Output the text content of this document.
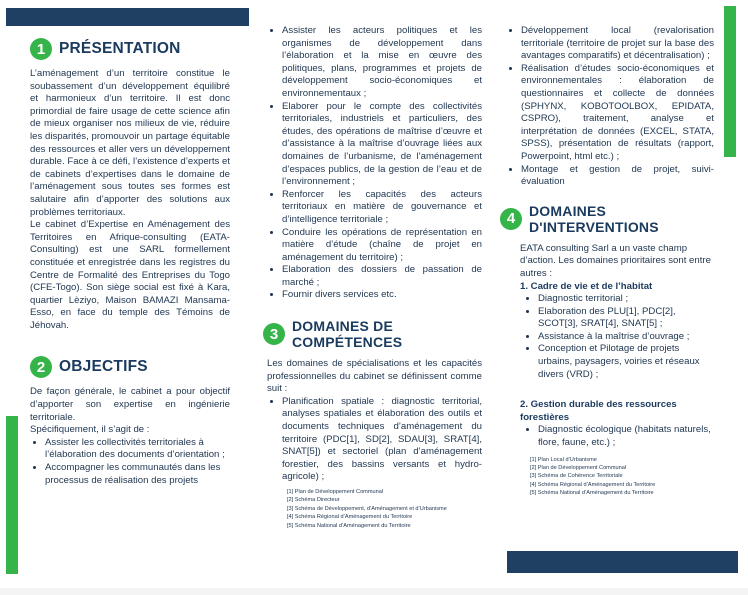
1 PRÉSENTATION

L’aménagement d’un territoire constitue le soubassement d’un développement équilibré et harmonieux d’un territoire. Il est donc primordial de faire usage de cette science afin de mieux organiser nos milieux de vie, réduire les disparités, promouvoir un partage équitable des ressources et aller vers un développement durable. Face à ce défi, l’existence d’experts et de cabinets d’expertises dans le domaine de l’aménagement sous toutes ses formes est salutaire afin d’apporter des solutions aux problèmes territoriaux.

Le cabinet d’Expertise en Aménagement des Territoires en Afrique-consulting (EATA-Consulting) est une SARL formellement constituée et enregistrée dans les registres du Centre de Formalité des Entreprises du Togo (CFE-Togo). Son siège social est fixé à Kara, quartier Lèziyo, Maison BAMAZI Mansama-Esso, en face du temple des Témoins de Jéhovah.

2 OBJECTIFS

De façon générale, le cabinet a pour objectif d’apporter son expertise en ingénierie territoriale.

Spécifiquement, il s’agit de :

• Assister les collectivités territoriales à l’élaboration des documents d’orientation ;
• Accompagner les communautés dans les processus de réalisation des projets
• Assister les acteurs politiques et les organismes de développement dans l’élaboration et la mise en œuvre des politiques, plans, programmes et projets de développement socio-économiques et environnementaux ;
• Elaborer pour le compte des collectivités territoriales, industriels et particuliers, des études, des opérations de maîtrise d’œuvre et d’assistance à la maîtrise d’ouvrage liées aux domaines de l’urbanisme, de l’aménagement d’espaces publics, de la gestion de l’eau et de l’environnement ;
• Renforcer les capacités des acteurs territoriaux en matière de gouvernance et d’intelligence territoriale ;
• Conduire les opérations de représentation en matière d’étude (chaîne de projet en aménagement du territoire) ;
• Elaboration des dossiers de passation de marché ;
• Fournir divers services etc.
3 DOMAINES DE COMPÉTENCES

Les domaines de spécialisations et les capacités professionnelles du cabinet se définissent comme suit :

• Planification spatiale : diagnostic territorial, analyses spatiales et élaboration des outils et documents techniques d’aménagement du territoire (PDC[1], SD[2], SDAU[3], SRAT[4], SNAT[5]) et sectoriel (plan d’aménagement forestier, des bassins versants et hydro-agricole) ;
[1] Plan de Développement Communal
[2] Schéma Directeur
[3] Schéma de Développement, d’Aménagement et d’Urbanisme
[4] Schéma Régional d’Aménagement du Territoire
[5] Schéma National d’Aménagement du Territoire
• Développement local (revalorisation territoriale (territoire de projet sur la base des avantages comparatifs) et décentralisation) ;
• Réalisation d’études socio-économiques et environnementales : élaboration de questionnaires et collecte de données (SPHYNX, KOBOTOOLBOX, EPIDATA, CSPRO), traitement, analyse et interprétation de données (EXCEL, STATA, SPSS), présentation de résultats (rapport, Powerpoint, html etc.) ;
• Montage et gestion de projet, suivi-évaluation
4 DOMAINES D'INTERVENTIONS

EATA consulting Sarl a un vaste champ d’action. Les domaines prioritaires sont entre autres :

1. Cadre de vie et de l’habitat
• Diagnostic territorial ;
• Elaboration des PLU[1], PDC[2], SCOT[3], SRAT[4], SNAT[5] ;
• Assistance à la maîtrise d’ouvrage ;
• Conception et Pilotage de projets urbains, paysagers, voiries et réseaux divers (VRD) ;
2. Gestion durable des ressources forestières
• Diagnostic écologique (habitats naturels, flore, faune, etc.) ;
[1] Plan Local d’Urbanisme
[2] Plan de Développement Communal
[3] Schéma de Cohérence Territoriale
[4] Schéma Régional d’Aménagement du Territoire
[5] Schéma National d’Aménagement du Territoire
